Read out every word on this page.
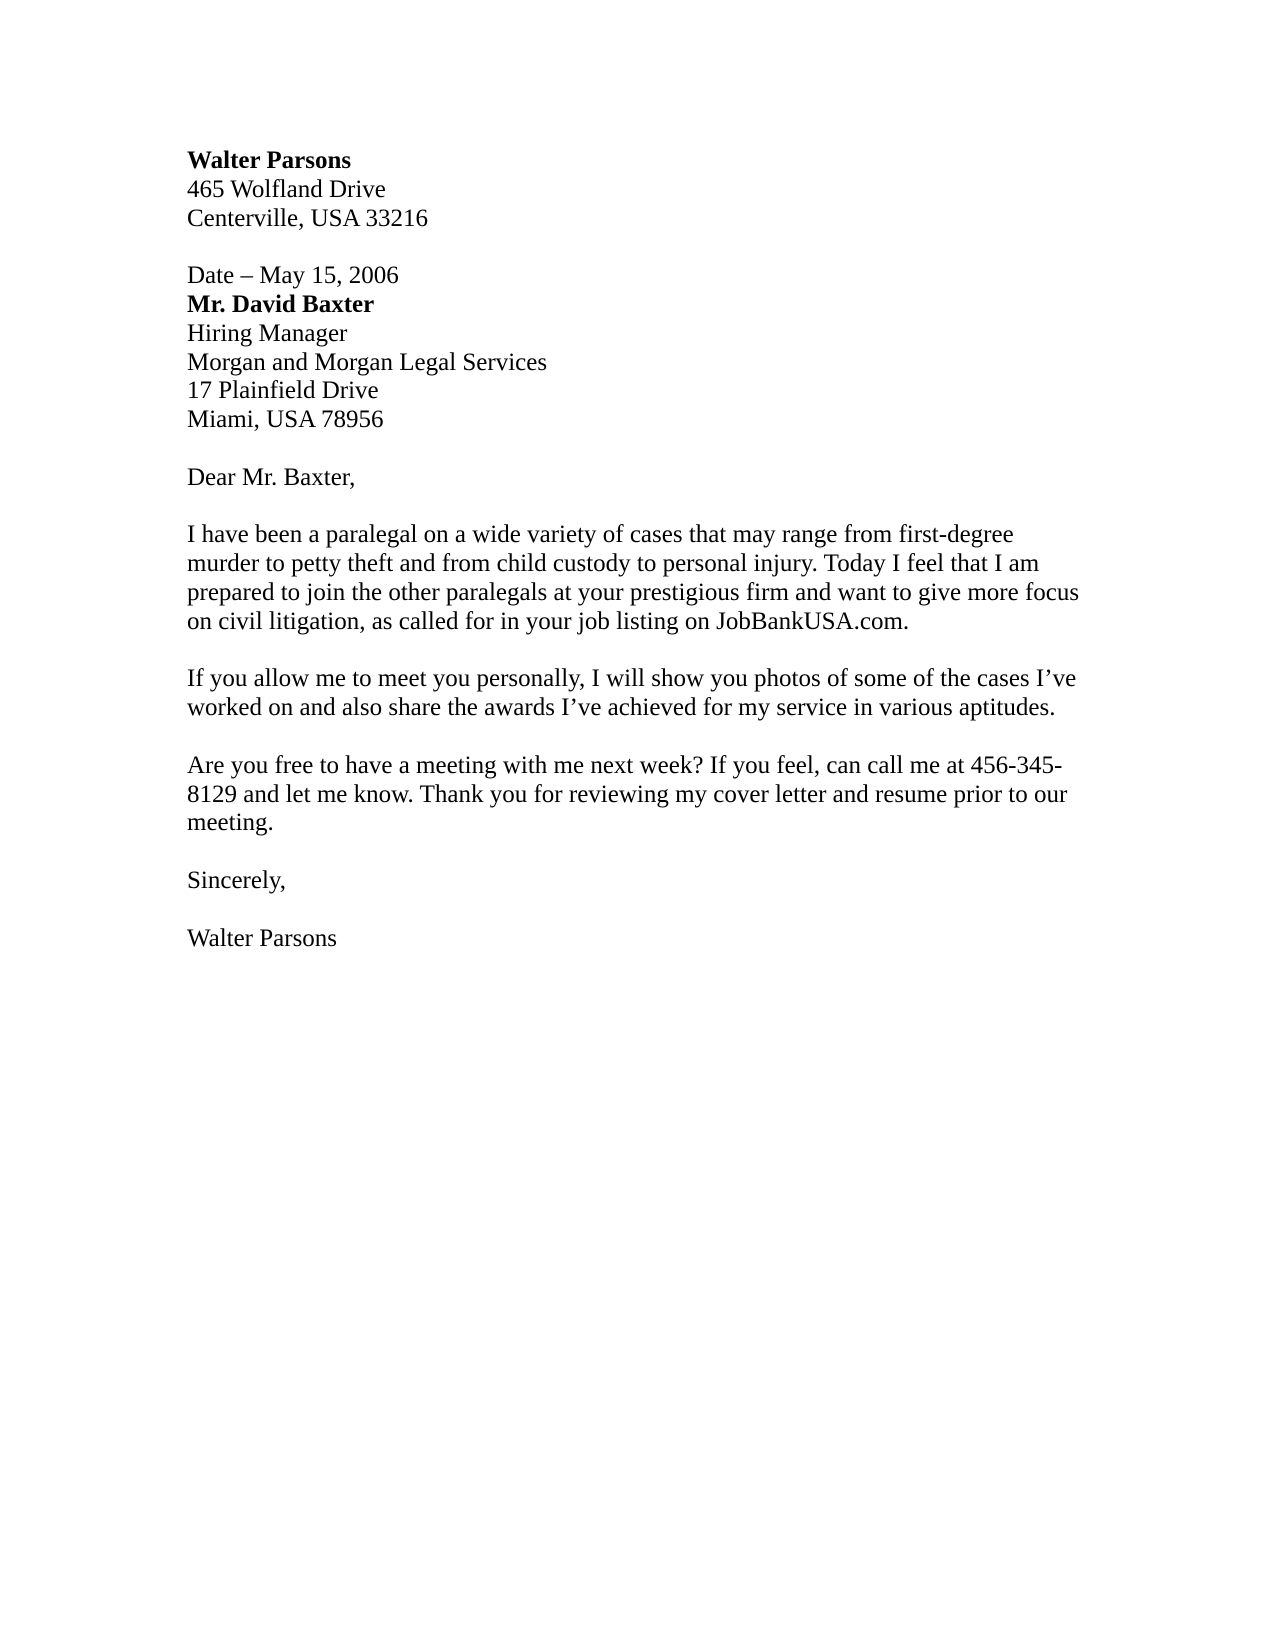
Walter Parsons

465 Wolfland Drive

Centerville, USA 33216

Date – May 15, 2006

Mr. David Baxter

Hiring Manager

Morgan and Morgan Legal Services

17 Plainfield Drive

Miami, USA 78956

Dear Mr. Baxter,

I have been a paralegal on a wide variety of cases that may range from first-degree murder to petty theft and from child custody to personal injury. Today I feel that I am prepared to join the other paralegals at your prestigious firm and want to give more focus on civil litigation, as called for in your job listing on JobBankUSA.com.

If you allow me to meet you personally, I will show you photos of some of the cases I’ve worked on and also share the awards I’ve achieved for my service in various aptitudes.

Are you free to have a meeting with me next week? If you feel, can call me at 456-345-8129 and let me know. Thank you for reviewing my cover letter and resume prior to our meeting.

Sincerely,

Walter Parsons
